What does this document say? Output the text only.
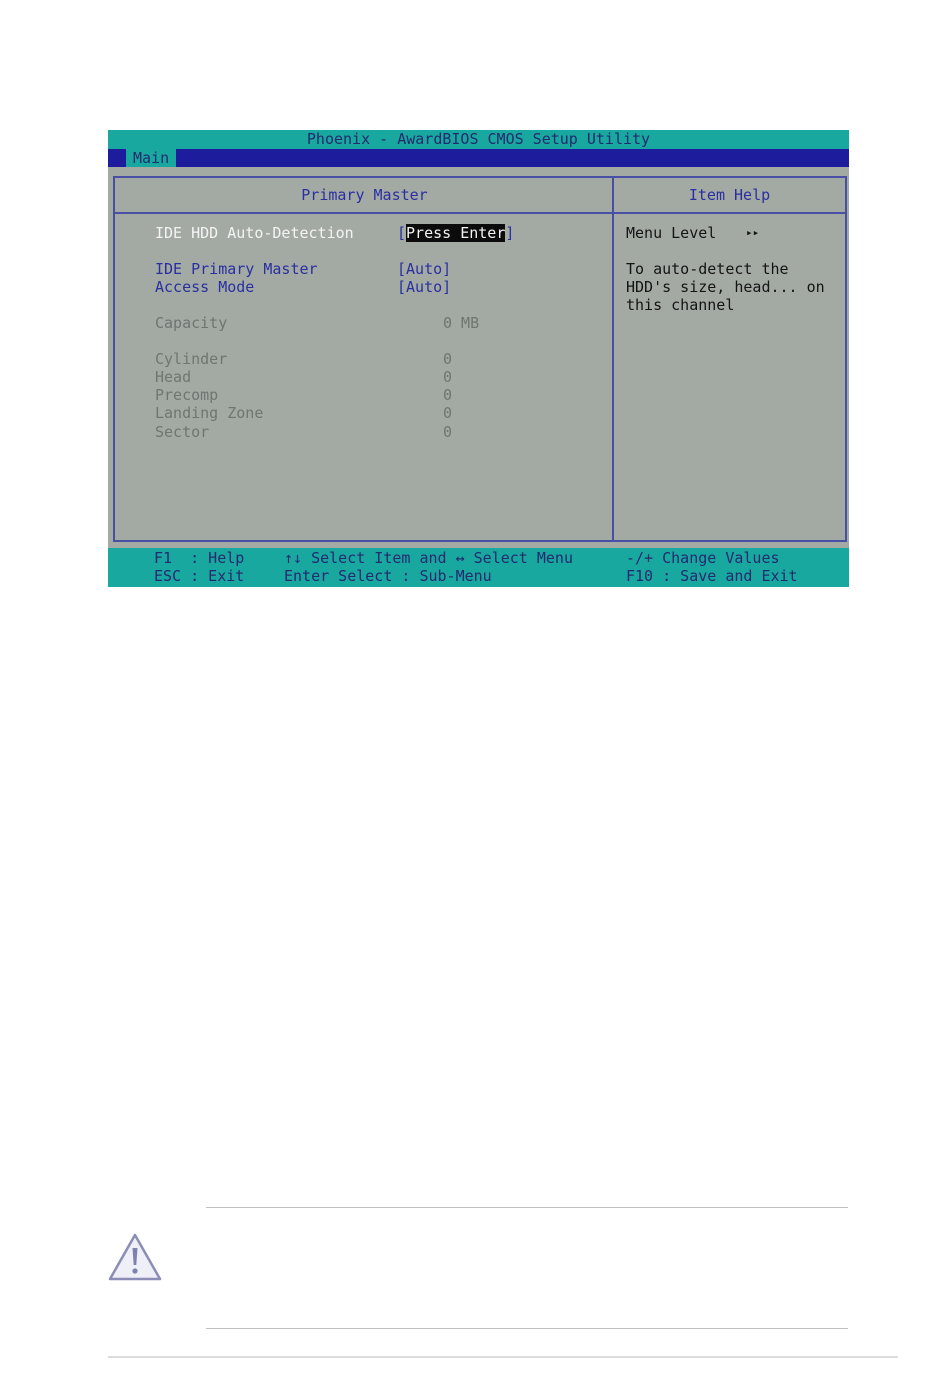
Phoenix - AwardBIOS CMOS Setup Utility
Main
Primary Master
IDE HDD Auto-Detection	[Press Enter]
IDE Primary Master	[Auto]
Access Mode	[Auto]
Capacity	0 MB
Cylinder	0
Head	0
Precomp	0
Landing Zone	0
Sector	0
Item Help
Menu Level	▸▸
To auto-detect the
HDD's size, head... on
this channel
F1  : Help
ESC : Exit
↑↓ Select Item and ↔ Select Menu
Enter Select : Sub-Menu
-/+ Change Values
F10 : Save and Exit
